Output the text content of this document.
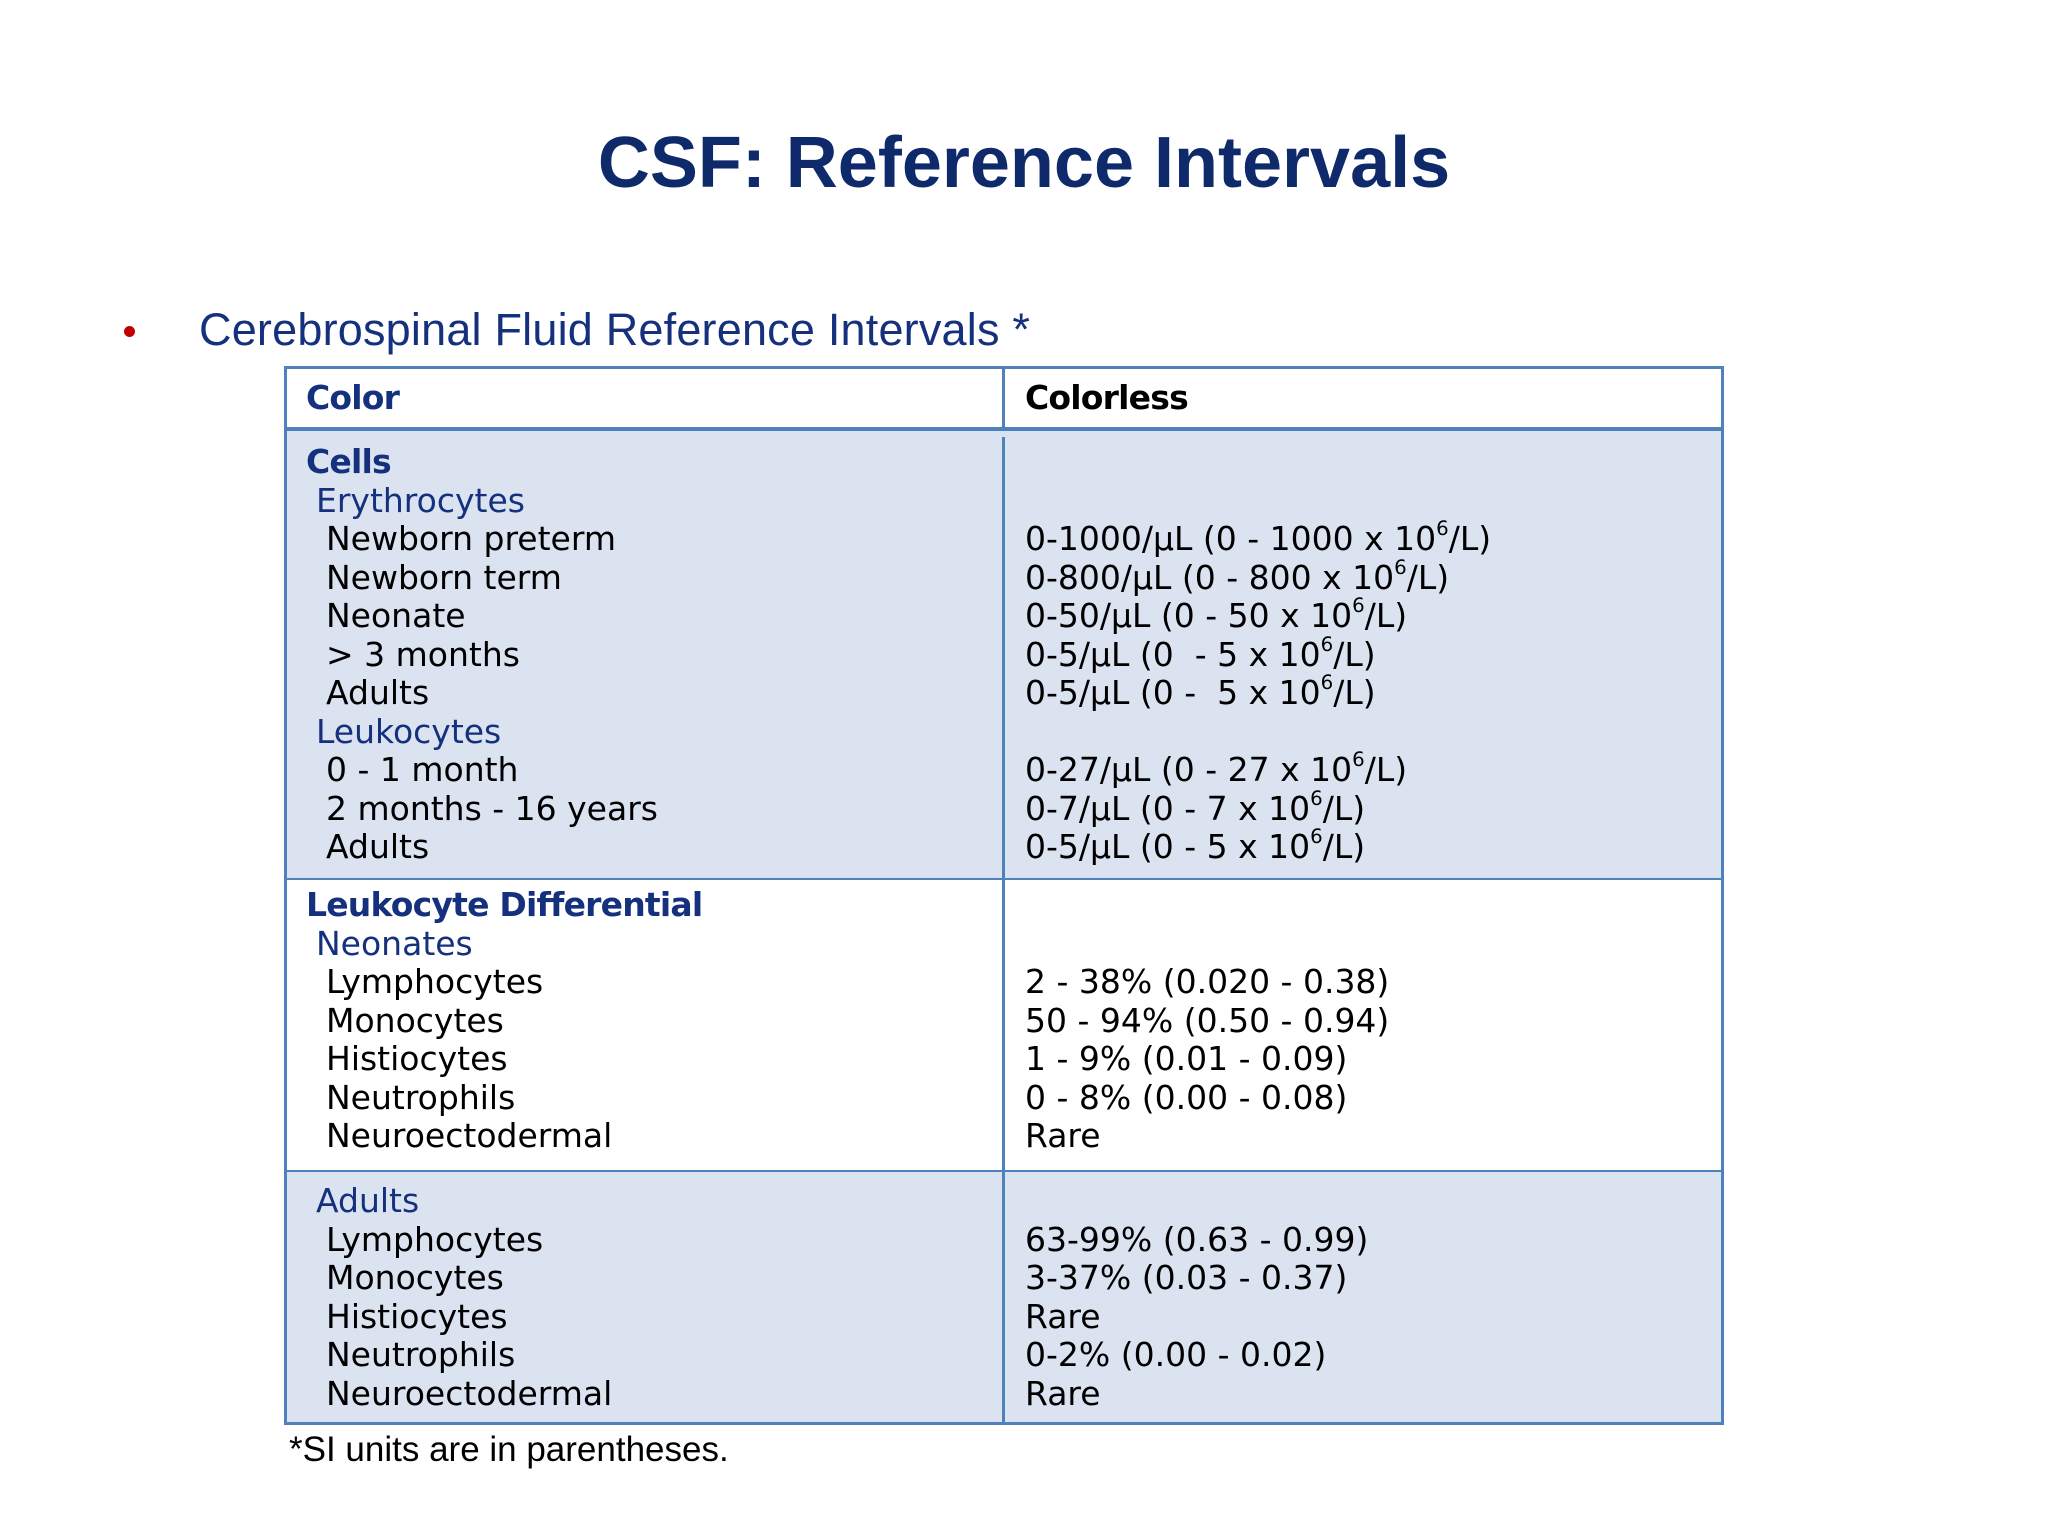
CSF: Reference Intervals
Cerebrospinal Fluid Reference Intervals *
Color	Colorless
Cells
Erythrocytes
Newborn preterm
Newborn term
Neonate
> 3 months
Adults
Leukocytes
0 - 1 month
2 months - 16 years
Adults
0-1000/µL (0 - 1000 x $10^6/L$)
0-800/µL (0 - 800 x $10^6/L$)
0-50/µL (0 - 50 x $10^6/L$)
0-5/µL (0  - 5 x $10^6/L$)
0-5/µL (0 -  5 x $10^6/L$)
0-27/µL (0 - 27 x $10^6/L$)
0-7/µL (0 - 7 x $10^6/L$)
0-5/µL (0 - 5 x $10^6/L$)
Leukocyte Differential
Neonates
Lymphocytes
Monocytes
Histiocytes
Neutrophils
Neuroectodermal
2 - 38% (0.020 - 0.38)
50 - 94% (0.50 - 0.94)
1 - 9% (0.01 - 0.09)
0 - 8% (0.00 - 0.08)
Rare
Adults
Lymphocytes
Monocytes
Histiocytes
Neutrophils
Neuroectodermal
63-99% (0.63 - 0.99)
3-37% (0.03 - 0.37)
Rare
0-2% (0.00 - 0.02)
Rare
*SI units are in parentheses.
